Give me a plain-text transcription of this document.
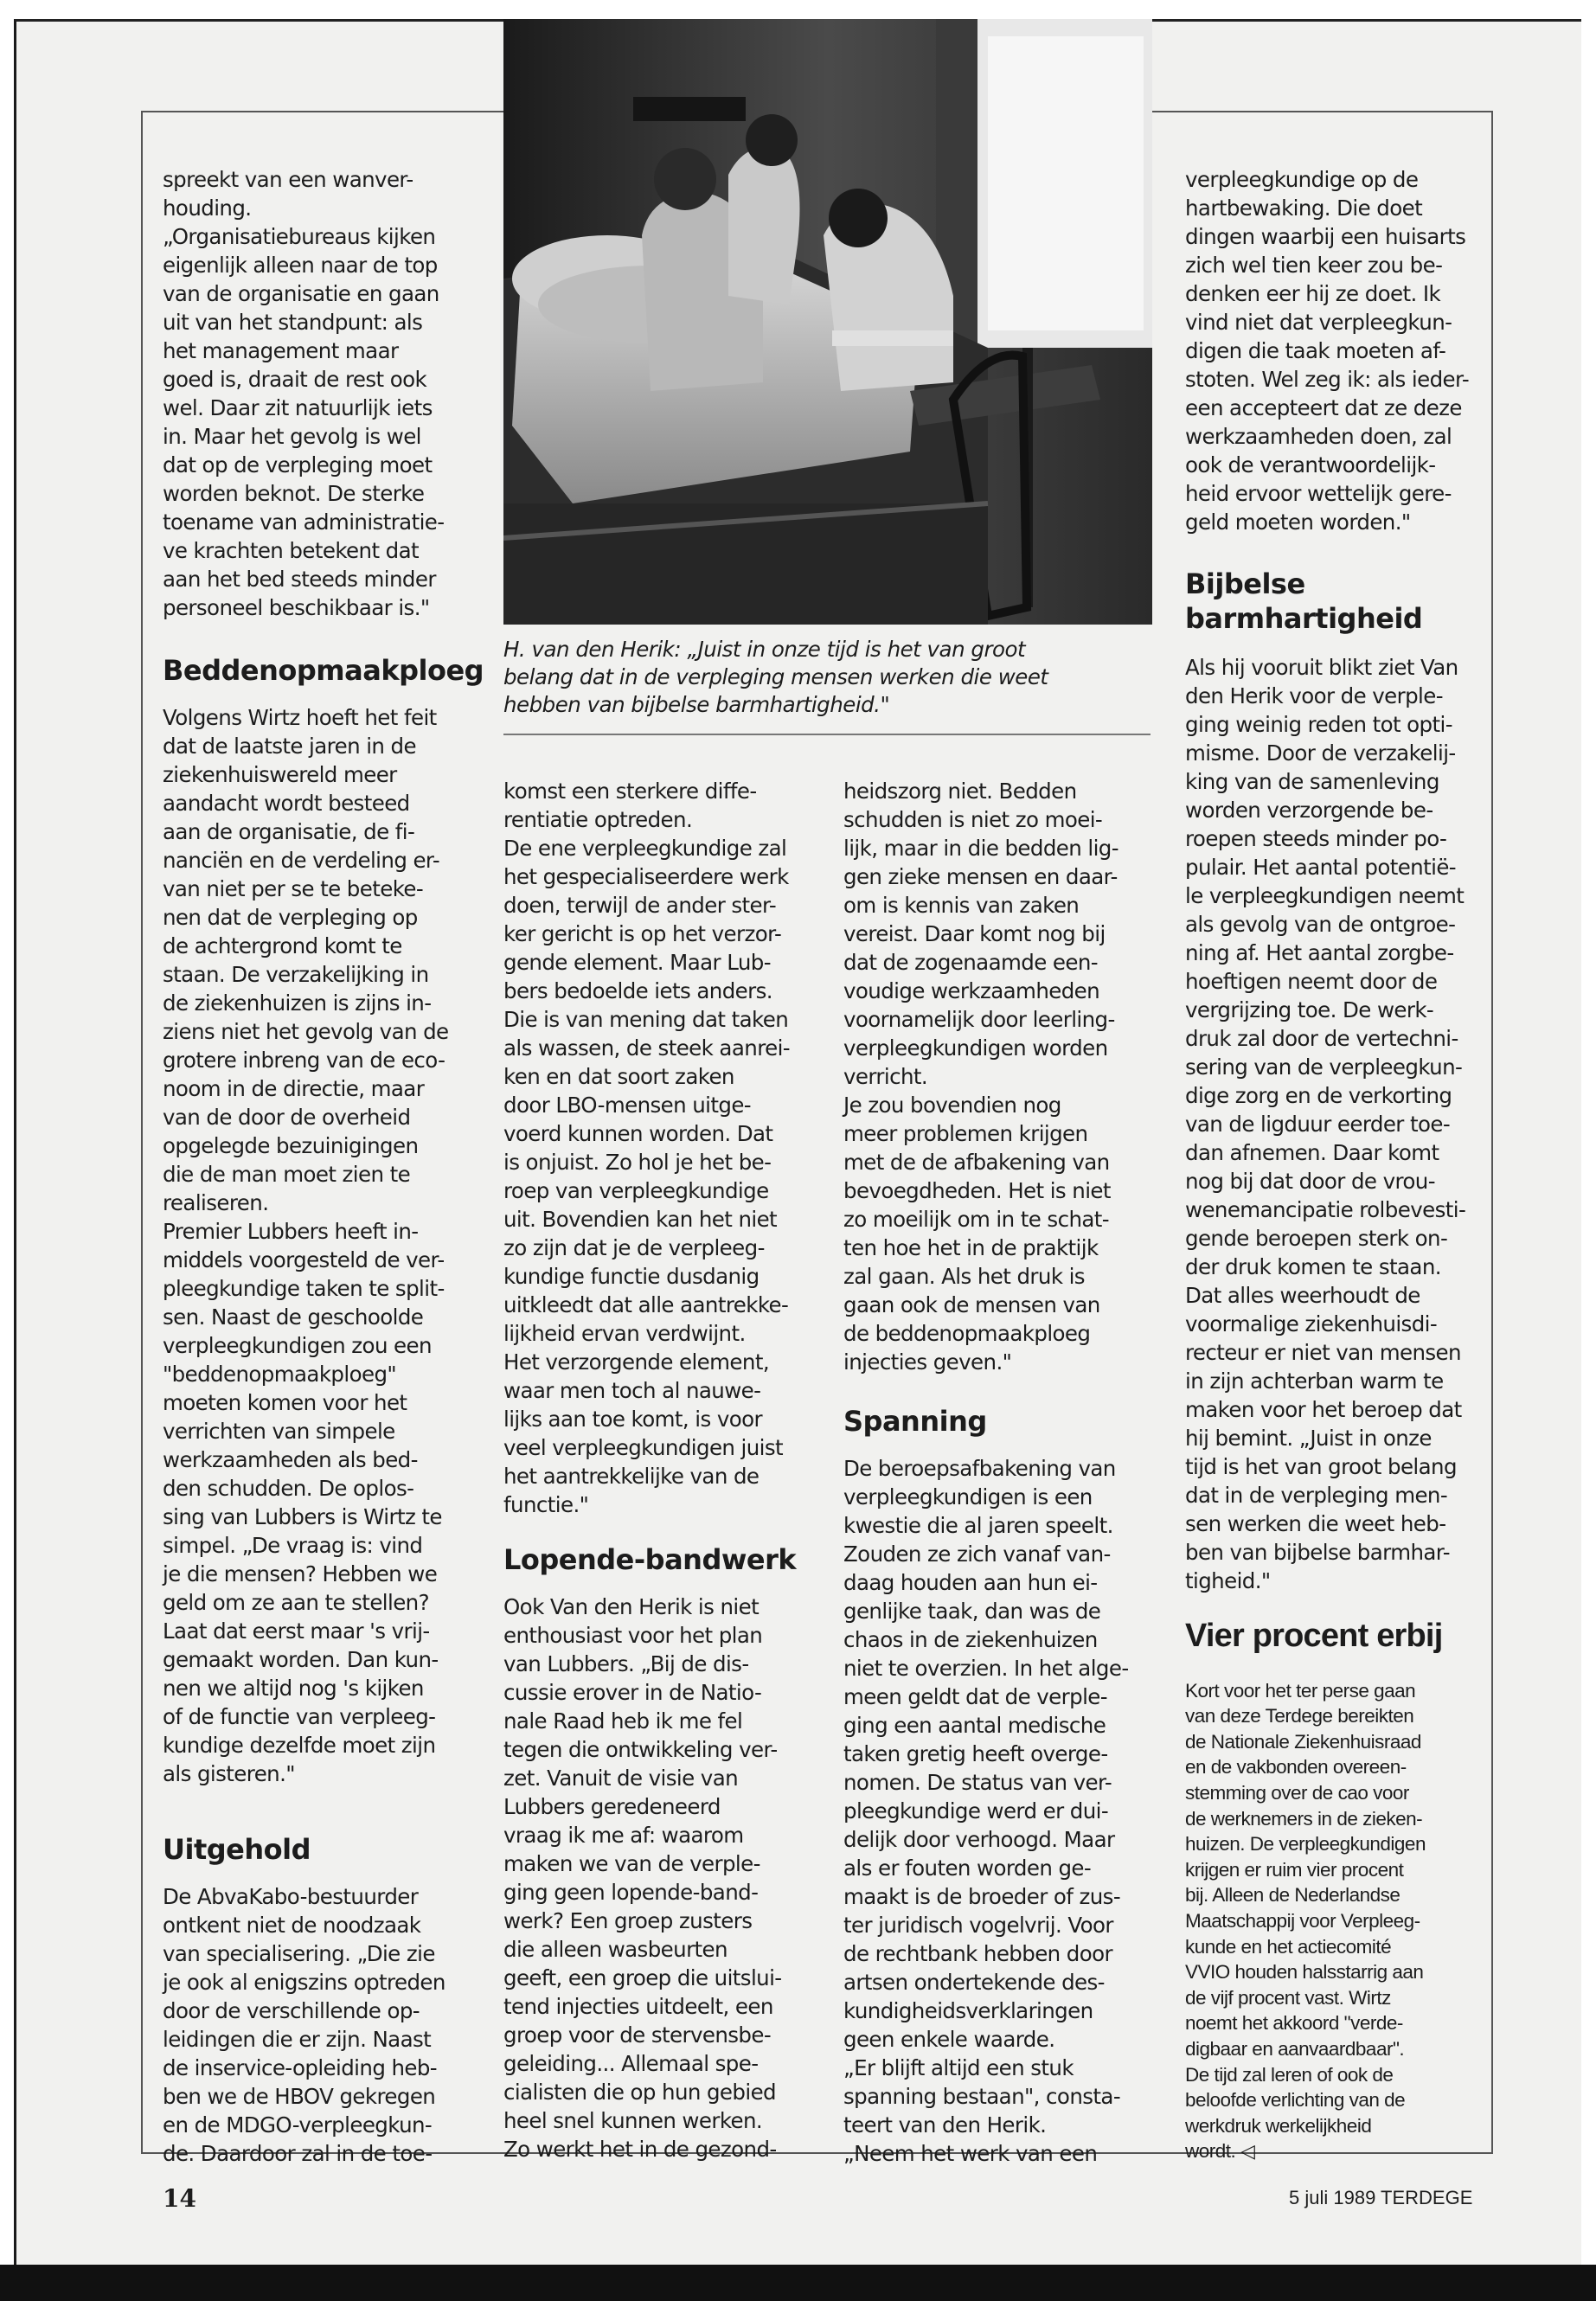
spreekt van een wanver-
houding.
„Organisatiebureaus kijken
eigenlijk alleen naar de top
van de organisatie en gaan
uit van het standpunt: als
het management maar
goed is, draait de rest ook
wel. Daar zit natuurlijk iets
in. Maar het gevolg is wel
dat op de verpleging moet
worden beknot. De sterke
toename van administratie-
ve krachten betekent dat
aan het bed steeds minder
personeel beschikbaar is."

Beddenopmaakploeg

Volgens Wirtz hoeft het feit
dat de laatste jaren in de
ziekenhuiswereld meer
aandacht wordt besteed
aan de organisatie, de fi-
nanciën en de verdeling er-
van niet per se te beteke-
nen dat de verpleging op
de achtergrond komt te
staan. De verzakelijking in
de ziekenhuizen is zijns in-
ziens niet het gevolg van de
grotere inbreng van de eco-
noom in de directie, maar
van de door de overheid
opgelegde bezuinigingen
die de man moet zien te
realiseren.
Premier Lubbers heeft in-
middels voorgesteld de ver-
pleegkundige taken te split-
sen. Naast de geschoolde
verpleegkundigen zou een
"beddenopmaakploeg"
moeten komen voor het
verrichten van simpele
werkzaamheden als bed-
den schudden. De oplos-
sing van Lubbers is Wirtz te
simpel. „De vraag is: vind
je die mensen? Hebben we
geld om ze aan te stellen?
Laat dat eerst maar 's vrij-
gemaakt worden. Dan kun-
nen we altijd nog 's kijken
of de functie van verpleeg-
kundige dezelfde moet zijn
als gisteren."

Uitgehold

De AbvaKabo-bestuurder
ontkent niet de noodzaak
van specialisering. „Die zie
je ook al enigszins optreden
door de verschillende op-
leidingen die er zijn. Naast
de inservice-opleiding heb-
ben we de HBOV gekregen
en de MDGO-verpleegkun-
de. Daardoor zal in de toe-

H. van den Herik: „Juist in onze tijd is het van groot
belang dat in de verpleging mensen werken die weet
hebben van bijbelse barmhartigheid."

komst een sterkere diffe-
rentiatie optreden.
De ene verpleegkundige zal
het gespecialiseerdere werk
doen, terwijl de ander ster-
ker gericht is op het verzor-
gende element. Maar Lub-
bers bedoelde iets anders.
Die is van mening dat taken
als wassen, de steek aanrei-
ken en dat soort zaken
door LBO-mensen uitge-
voerd kunnen worden. Dat
is onjuist. Zo hol je het be-
roep van verpleegkundige
uit. Bovendien kan het niet
zo zijn dat je de verpleeg-
kundige functie dusdanig
uitkleedt dat alle aantrekke-
lijkheid ervan verdwijnt.
Het verzorgende element,
waar men toch al nauwe-
lijks aan toe komt, is voor
veel verpleegkundigen juist
het aantrekkelijke van de
functie."

Lopende-bandwerk

Ook Van den Herik is niet
enthousiast voor het plan
van Lubbers. „Bij de dis-
cussie erover in de Natio-
nale Raad heb ik me fel
tegen die ontwikkeling ver-
zet. Vanuit de visie van
Lubbers geredeneerd
vraag ik me af: waarom
maken we van de verple-
ging geen lopende-band-
werk? Een groep zusters
die alleen wasbeurten
geeft, een groep die uitslui-
tend injecties uitdeelt, een
groep voor de stervensbe-
geleiding... Allemaal spe-
cialisten die op hun gebied
heel snel kunnen werken.
Zo werkt het in de gezond-

heidszorg niet. Bedden
schudden is niet zo moei-
lijk, maar in die bedden lig-
gen zieke mensen en daar-
om is kennis van zaken
vereist. Daar komt nog bij
dat de zogenaamde een-
voudige werkzaamheden
voornamelijk door leerling-
verpleegkundigen worden
verricht.
Je zou bovendien nog
meer problemen krijgen
met de de afbakening van
bevoegdheden. Het is niet
zo moeilijk om in te schat-
ten hoe het in de praktijk
zal gaan. Als het druk is
gaan ook de mensen van
de beddenopmaakploeg
injecties geven."

Spanning

De beroepsafbakening van
verpleegkundigen is een
kwestie die al jaren speelt.
Zouden ze zich vanaf van-
daag houden aan hun ei-
genlijke taak, dan was de
chaos in de ziekenhuizen
niet te overzien. In het alge-
meen geldt dat de verple-
ging een aantal medische
taken gretig heeft overge-
nomen. De status van ver-
pleegkundige werd er dui-
delijk door verhoogd. Maar
als er fouten worden ge-
maakt is de broeder of zus-
ter juridisch vogelvrij. Voor
de rechtbank hebben door
artsen ondertekende des-
kundigheidsverklaringen
geen enkele waarde.
„Er blijft altijd een stuk
spanning bestaan", consta-
teert van den Herik.
„Neem het werk van een

verpleegkundige op de
hartbewaking. Die doet
dingen waarbij een huisarts
zich wel tien keer zou be-
denken eer hij ze doet. Ik
vind niet dat verpleegkun-
digen die taak moeten af-
stoten. Wel zeg ik: als ieder-
een accepteert dat ze deze
werkzaamheden doen, zal
ook de verantwoordelijk-
heid ervoor wettelijk gere-
geld moeten worden."

Bijbelse
barmhartigheid

Als hij vooruit blikt ziet Van
den Herik voor de verple-
ging weinig reden tot opti-
misme. Door de verzakelij-
king van de samenleving
worden verzorgende be-
roepen steeds minder po-
pulair. Het aantal potentië-
le verpleegkundigen neemt
als gevolg van de ontgroe-
ning af. Het aantal zorgbe-
hoeftigen neemt door de
vergrijzing toe. De werk-
druk zal door de vertechni-
sering van de verpleegkun-
dige zorg en de verkorting
van de ligduur eerder toe-
dan afnemen. Daar komt
nog bij dat door de vrou-
wenemancipatie rolbevesti-
gende beroepen sterk on-
der druk komen te staan.
Dat alles weerhoudt de
voormalige ziekenhuisdi-
recteur er niet van mensen
in zijn achterban warm te
maken voor het beroep dat
hij bemint. „Juist in onze
tijd is het van groot belang
dat in de verpleging men-
sen werken die weet heb-
ben van bijbelse barmhar-
tigheid."

Vier procent erbij

Kort voor het ter perse gaan
van deze Terdege bereikten
de Nationale Ziekenhuisraad
en de vakbonden overeen-
stemming over de cao voor
de werknemers in de zieken-
huizen. De verpleegkundigen
krijgen er ruim vier procent
bij. Alleen de Nederlandse
Maatschappij voor Verpleeg-
kunde en het actiecomité
VVIO houden halsstarrig aan
de vijf procent vast. Wirtz
noemt het akkoord "verde-
digbaar en aanvaardbaar".
De tijd zal leren of ook de
beloofde verlichting van de
werkdruk werkelijkheid
wordt. ◁

14	5 juli 1989 TERDEGE
